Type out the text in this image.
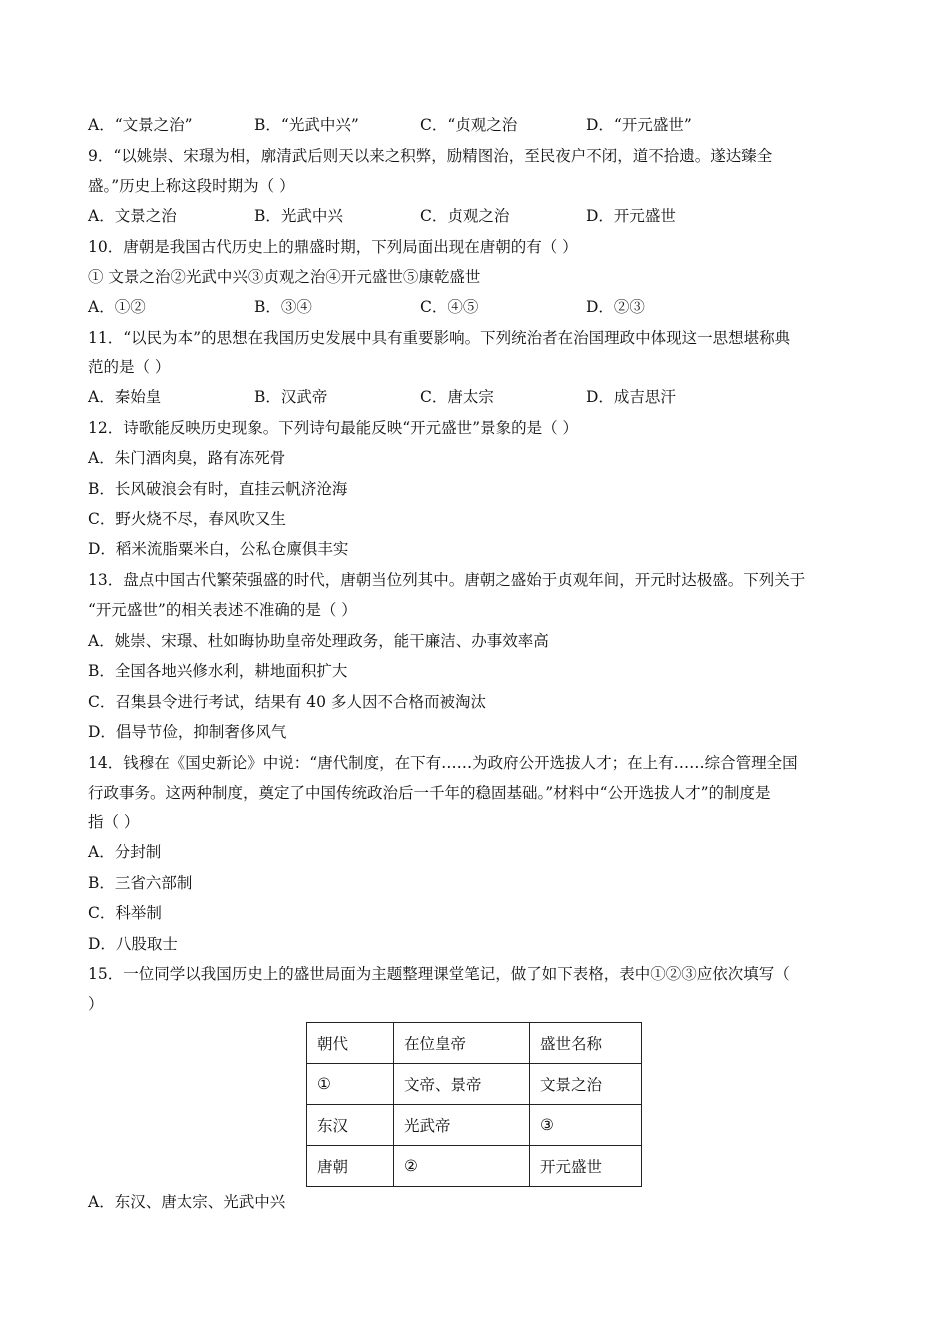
A．“文景之治”	B．“光武中兴”	C．“贞观之治	D．“开元盛世”
9．“以姚崇、宋璟为相，廓清武后则天以来之积弊，励精图治，至民夜户不闭，道不拾遗。遂达臻全
盛。”历史上称这段时期为（ ）
A．文景之治	B．光武中兴	C．贞观之治	D．开元盛世
10．唐朝是我国古代历史上的鼎盛时期，下列局面出现在唐朝的有（ ）
① 文景之治②光武中兴③贞观之治④开元盛世⑤康乾盛世
A．①②	B．③④	C．④⑤	D．②③
11．“以民为本”的思想在我国历史发展中具有重要影响。下列统治者在治国理政中体现这一思想堪称典
范的是（ ）
A．秦始皇	B．汉武帝	C．唐太宗	D．成吉思汗
12．诗歌能反映历史现象。下列诗句最能反映“开元盛世”景象的是（ ）
A．朱门酒肉臭，路有冻死骨
B．长风破浪会有时，直挂云帆济沧海
C．野火烧不尽，春风吹又生
D．稻米流脂粟米白，公私仓廪俱丰实
13．盘点中国古代繁荣强盛的时代，唐朝当位列其中。唐朝之盛始于贞观年间，开元时达极盛。下列关于
“开元盛世”的相关表述不准确的是（ ）
A．姚崇、宋璟、杜如晦协助皇帝处理政务，能干廉洁、办事效率高
B．全国各地兴修水利，耕地面积扩大
C．召集县令进行考试，结果有 40 多人因不合格而被淘汰
D．倡导节俭，抑制奢侈风气
14．钱穆在《国史新论》中说：“唐代制度，在下有……为政府公开选拔人才；在上有……综合管理全国
行政事务。这两种制度，奠定了中国传统政治后一千年的稳固基础。”材料中“公开选拔人才”的制度是
指（ ）
A．分封制
B．三省六部制
C．科举制
D．八股取士
15．一位同学以我国历史上的盛世局面为主题整理课堂笔记，做了如下表格，表中①②③应依次填写（
）
朝代	在位皇帝	盛世名称
①	文帝、景帝	文景之治
东汉	光武帝	③
唐朝	②	开元盛世
A．东汉、唐太宗、光武中兴
